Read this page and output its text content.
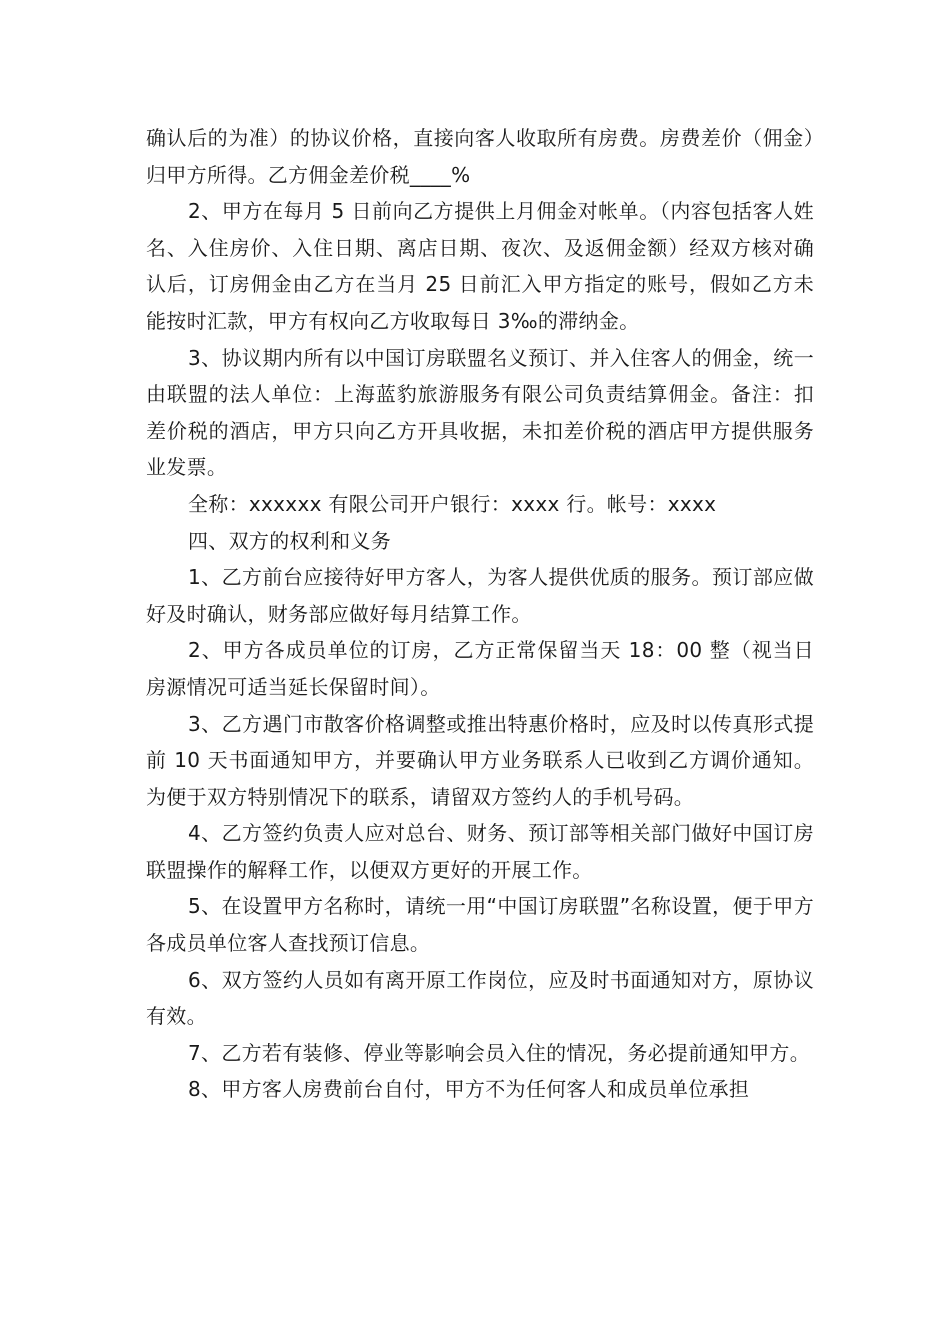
确认后的为准）的协议价格，直接向客人收取所有房费。房费差价（佣金）归甲方所得。乙方佣金差价税____%

2、甲方在每月 5 日前向乙方提供上月佣金对帐单。（内容包括客人姓名、入住房价、入住日期、离店日期、夜次、及返佣金额）经双方核对确认后，订房佣金由乙方在当月 25 日前汇入甲方指定的账号，假如乙方未能按时汇款，甲方有权向乙方收取每日 3‰的滞纳金。

3、协议期内所有以中国订房联盟名义预订、并入住客人的佣金，统一由联盟的法人单位：上海蓝豹旅游服务有限公司负责结算佣金。备注：扣差价税的酒店，甲方只向乙方开具收据，未扣差价税的酒店甲方提供服务业发票。

全称：xxxxxx 有限公司开户银行：xxxx 行。帐号：xxxx

四、双方的权利和义务

1、乙方前台应接待好甲方客人，为客人提供优质的服务。预订部应做好及时确认，财务部应做好每月结算工作。

2、甲方各成员单位的订房，乙方正常保留当天 18：00 整（视当日房源情况可适当延长保留时间）。

3、乙方遇门市散客价格调整或推出特惠价格时，应及时以传真形式提前 10 天书面通知甲方，并要确认甲方业务联系人已收到乙方调价通知。为便于双方特别情况下的联系，请留双方签约人的手机号码。

4、乙方签约负责人应对总台、财务、预订部等相关部门做好中国订房联盟操作的解释工作，以便双方更好的开展工作。

5、在设置甲方名称时，请统一用“中国订房联盟”名称设置，便于甲方各成员单位客人查找预订信息。

6、双方签约人员如有离开原工作岗位，应及时书面通知对方，原协议有效。

7、乙方若有装修、停业等影响会员入住的情况，务必提前通知甲方。

8、甲方客人房费前台自付，甲方不为任何客人和成员单位承担
